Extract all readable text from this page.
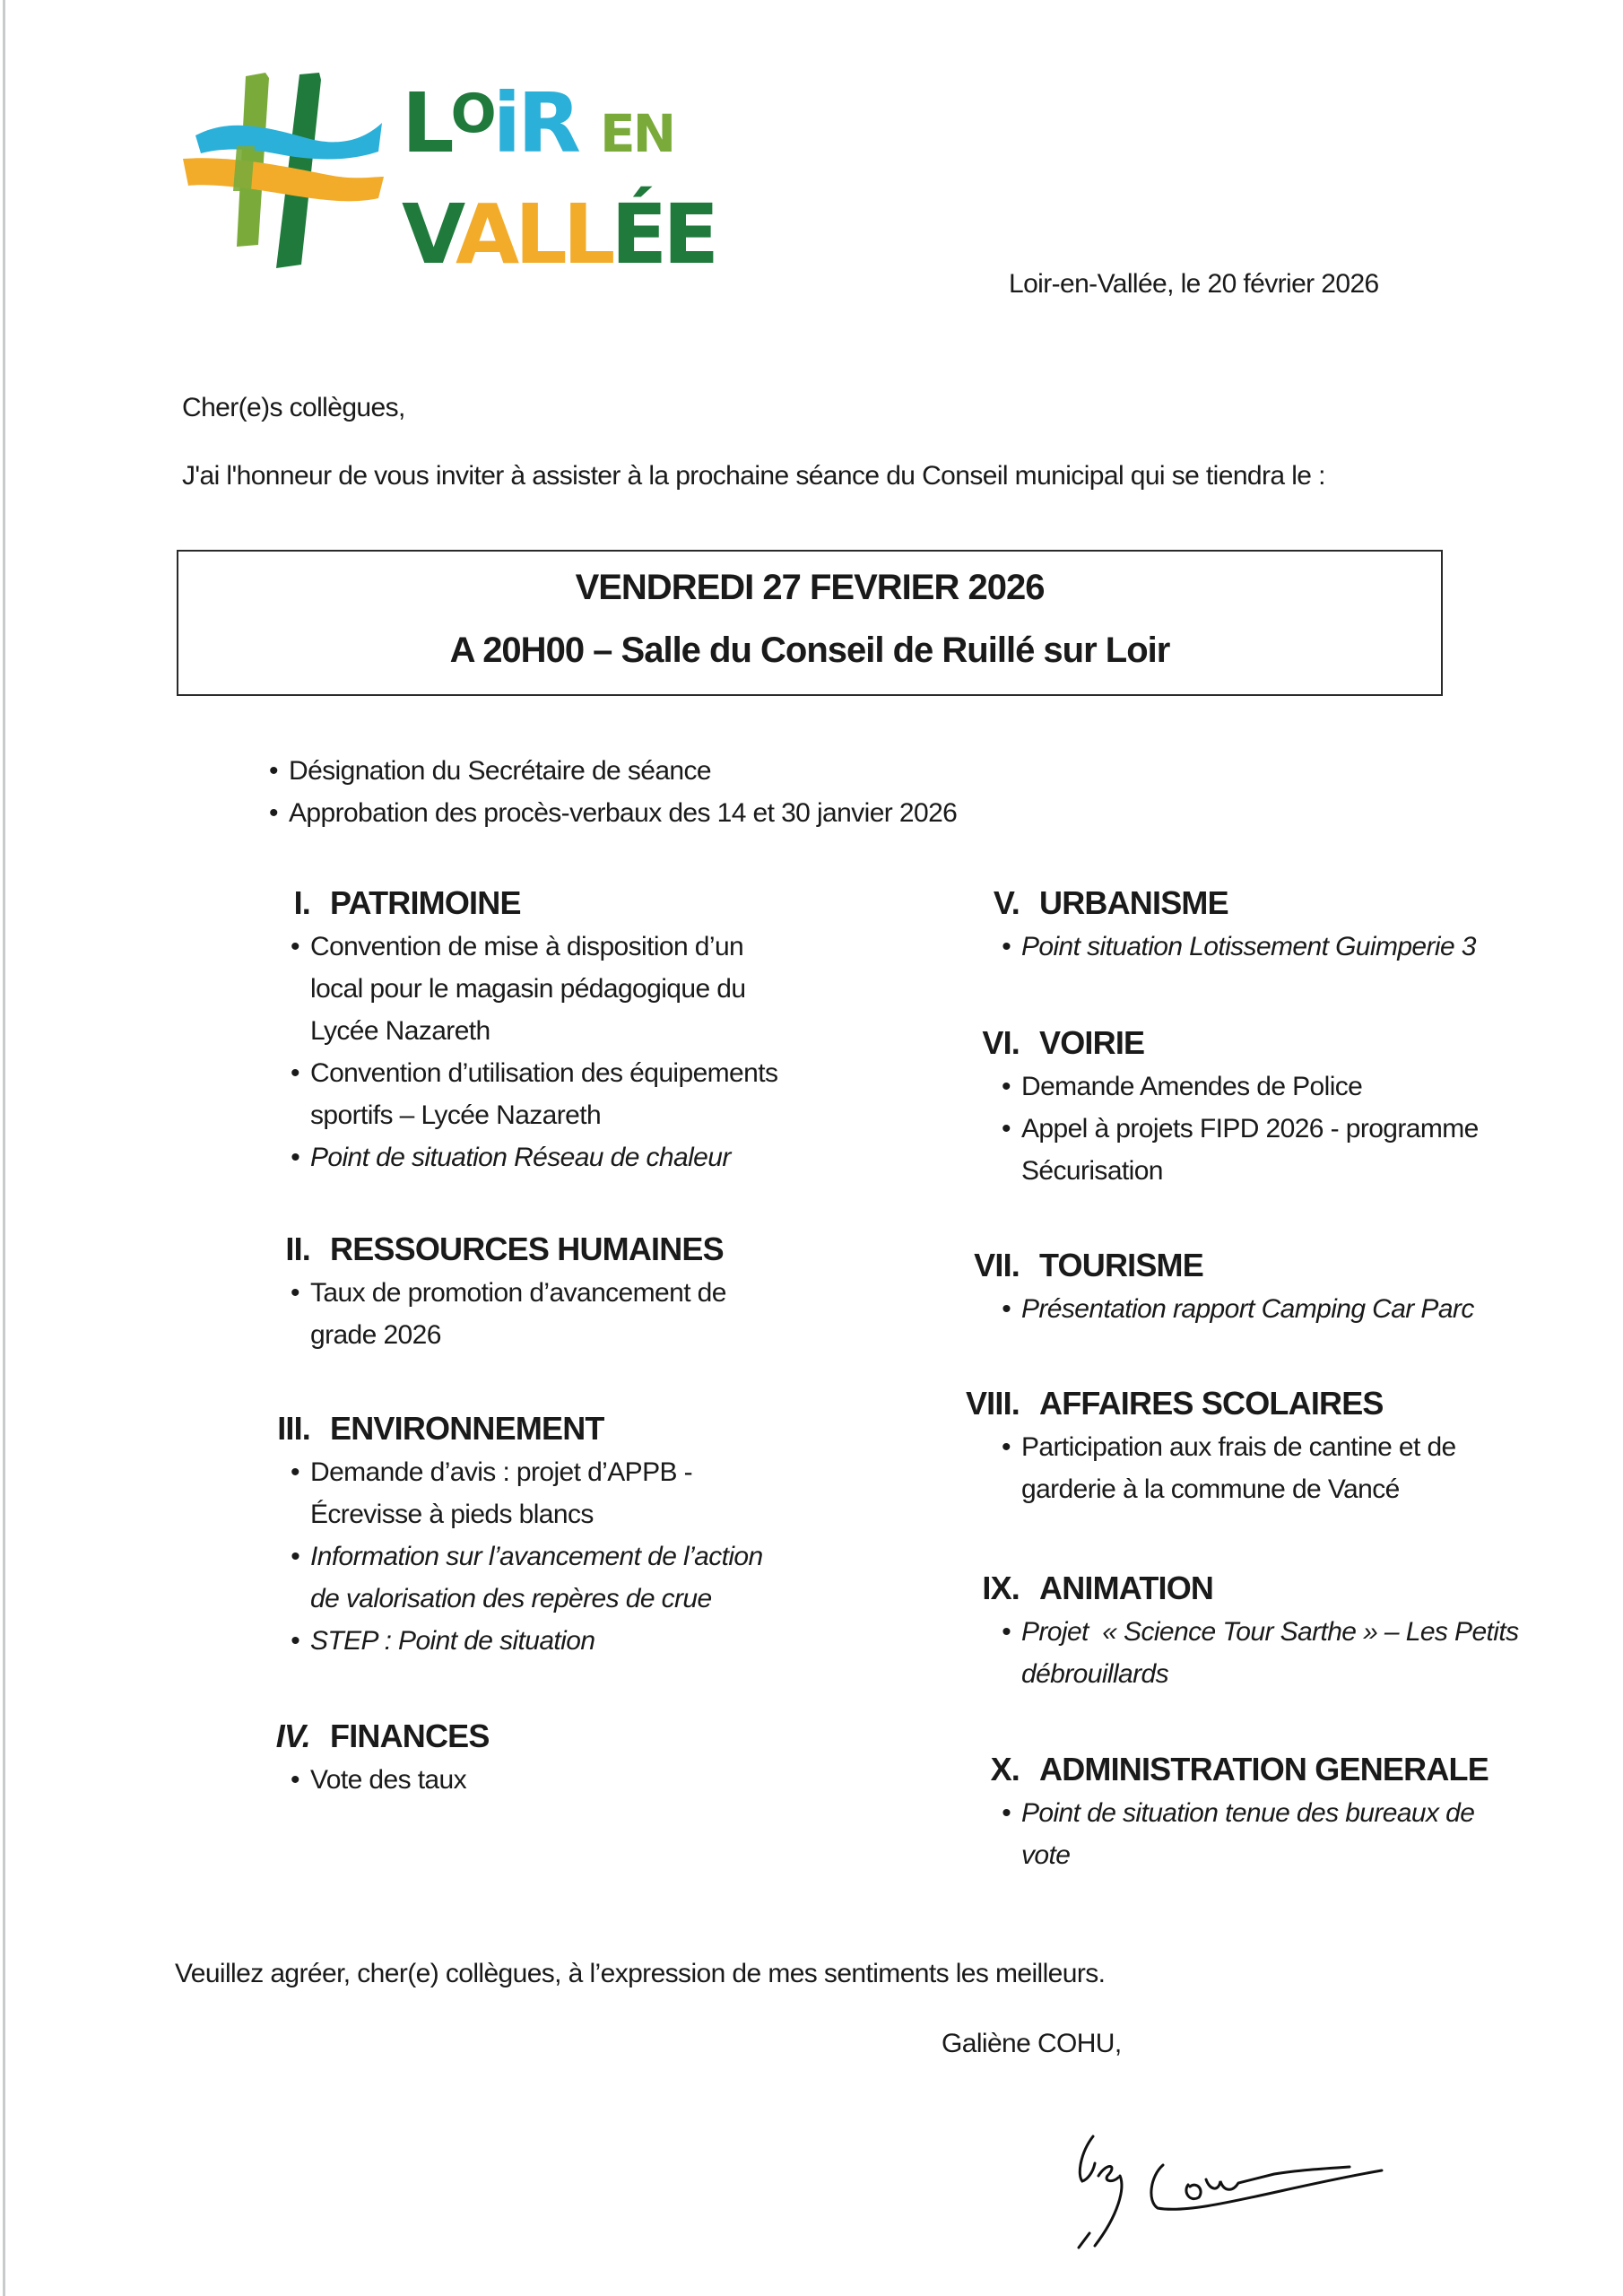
$L^OiR$ EN
VALLÉE
Loir-en-Vallée, le 20 février 2026
Cher(e)s collègues,
J'ai l'honneur de vous inviter à assister à la prochaine séance du Conseil municipal qui se tiendra le :
VENDREDI 27 FEVRIER 2026
A 20H00 – Salle du Conseil de Ruillé sur Loir
• Désignation du Secrétaire de séance
• Approbation des procès-verbaux des 14 et 30 janvier 2026
I. PATRIMOINE
• Convention de mise à disposition d’un
local pour le magasin pédagogique du
Lycée Nazareth
• Convention d’utilisation des équipements
sportifs – Lycée Nazareth
• Point de situation Réseau de chaleur
II. RESSOURCES HUMAINES
• Taux de promotion d’avancement de
grade 2026
III. ENVIRONNEMENT
• Demande d’avis : projet d’APPB -
Écrevisse à pieds blancs
• Information sur l’avancement de l’action
de valorisation des repères de crue
• STEP : Point de situation
IV. FINANCES
• Vote des taux
V. URBANISME
• Point situation Lotissement Guimperie 3
VI. VOIRIE
• Demande Amendes de Police
• Appel à projets FIPD 2026 - programme
Sécurisation
VII. TOURISME
• Présentation rapport Camping Car Parc
VIII. AFFAIRES SCOLAIRES
• Participation aux frais de cantine et de
garderie à la commune de Vancé
IX. ANIMATION
• Projet  « Science Tour Sarthe » – Les Petits
débrouillards
X. ADMINISTRATION GENERALE
• Point de situation tenue des bureaux de
vote
Veuillez agréer, cher(e) collègues, à l’expression de mes sentiments les meilleurs.
Galiène COHU,
